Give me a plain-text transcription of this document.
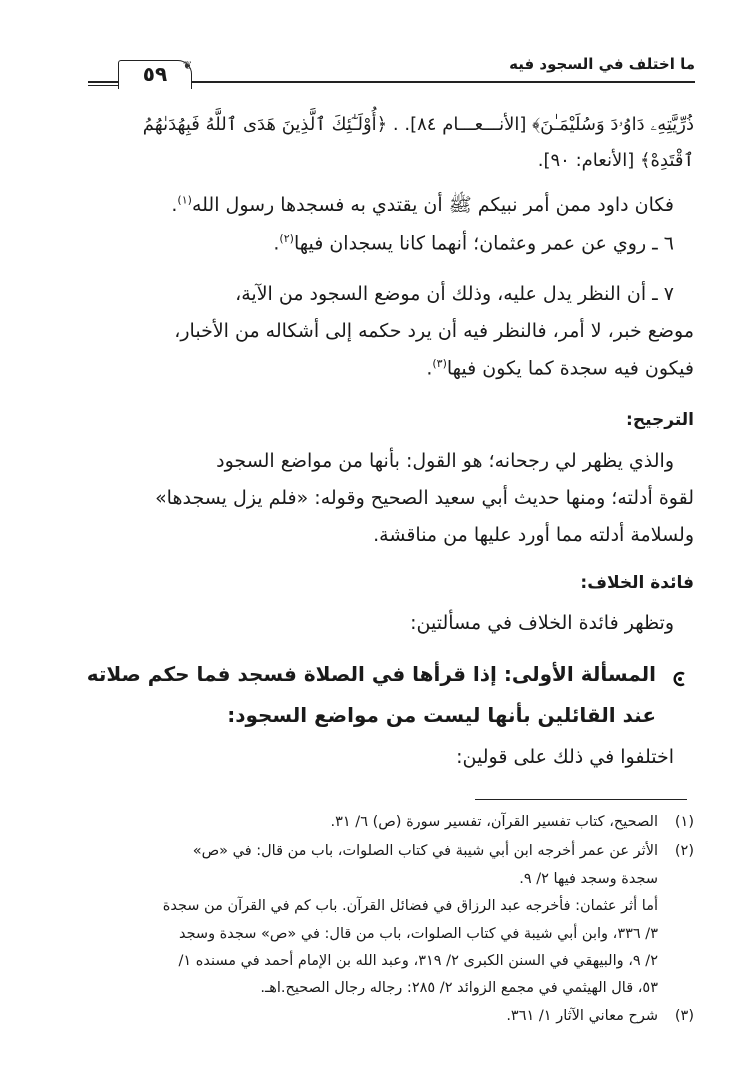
❦
٥٩	ما اختلف في السجود فيه
ذُرِّيَّتِهِۦ دَاوُۥدَ وَسُلَيْمَـٰنَ﴾ [الأنـــعـــام ٨٤]. . ﴿أُوْلَـٰٓئِكَ ٱلَّذِينَ هَدَى ٱللَّهُ فَبِهُدَىٰهُمُ
ٱقْتَدِهْ﴾ [الأنعام: ٩٠].
فكان داود ممن أمر نبيكم ﷺ أن يقتدي به فسجدها رسول الله$^{(١)}$.
٦ ـ روي عن عمر وعثمان؛ أنهما كانا يسجدان فيها$^{(٢)}$.
٧ ـ أن النظر يدل عليه، وذلك أن موضع السجود من الآية،
موضع خبر، لا أمر، فالنظر فيه أن يرد حكمه إلى أشكاله من الأخبار،
فيكون فيه سجدة كما يكون فيها$^{(٣)}$.
الترجيح:
والذي يظهر لي رجحانه؛ هو القول: بأنها من مواضع السجود
لقوة أدلته؛ ومنها حديث أبي سعيد الصحيح وقوله: «فلم يزل يسجدها»
ولسلامة أدلته مما أورد عليها من مناقشة.
فائدة الخلاف:
وتظهر فائدة الخلاف في مسألتين:
المسألة الأولى: إذا قرأها في الصلاة فسجد فما حكم صلاته
عند القائلين بأنها ليست من مواضع السجود:
اختلفوا في ذلك على قولين:
(١)
الصحيح، كتاب تفسير القرآن، تفسير سورة (ص) ٦/ ٣١.
(٢)
الأثر عن عمر أخرجه ابن أبي شيبة في كتاب الصلوات، باب من قال: في «ص»
سجدة وسجد فيها ٢/ ٩.
أما أثر عثمان: فأخرجه عبد الرزاق في فضائل القرآن. باب كم في القرآن من سجدة
٣/ ٣٣٦، وابن أبي شيبة في كتاب الصلوات، باب من قال: في «ص» سجدة وسجد
٢/ ٩، والبيهقي في السنن الكبرى ٢/ ٣١٩، وعبد الله بن الإمام أحمد في مسنده ١/
٥٣، قال الهيثمي في مجمع الزوائد ٢/ ٢٨٥: رجاله رجال الصحيح.اهـ.
(٣)
شرح معاني الآثار ١/ ٣٦١.
